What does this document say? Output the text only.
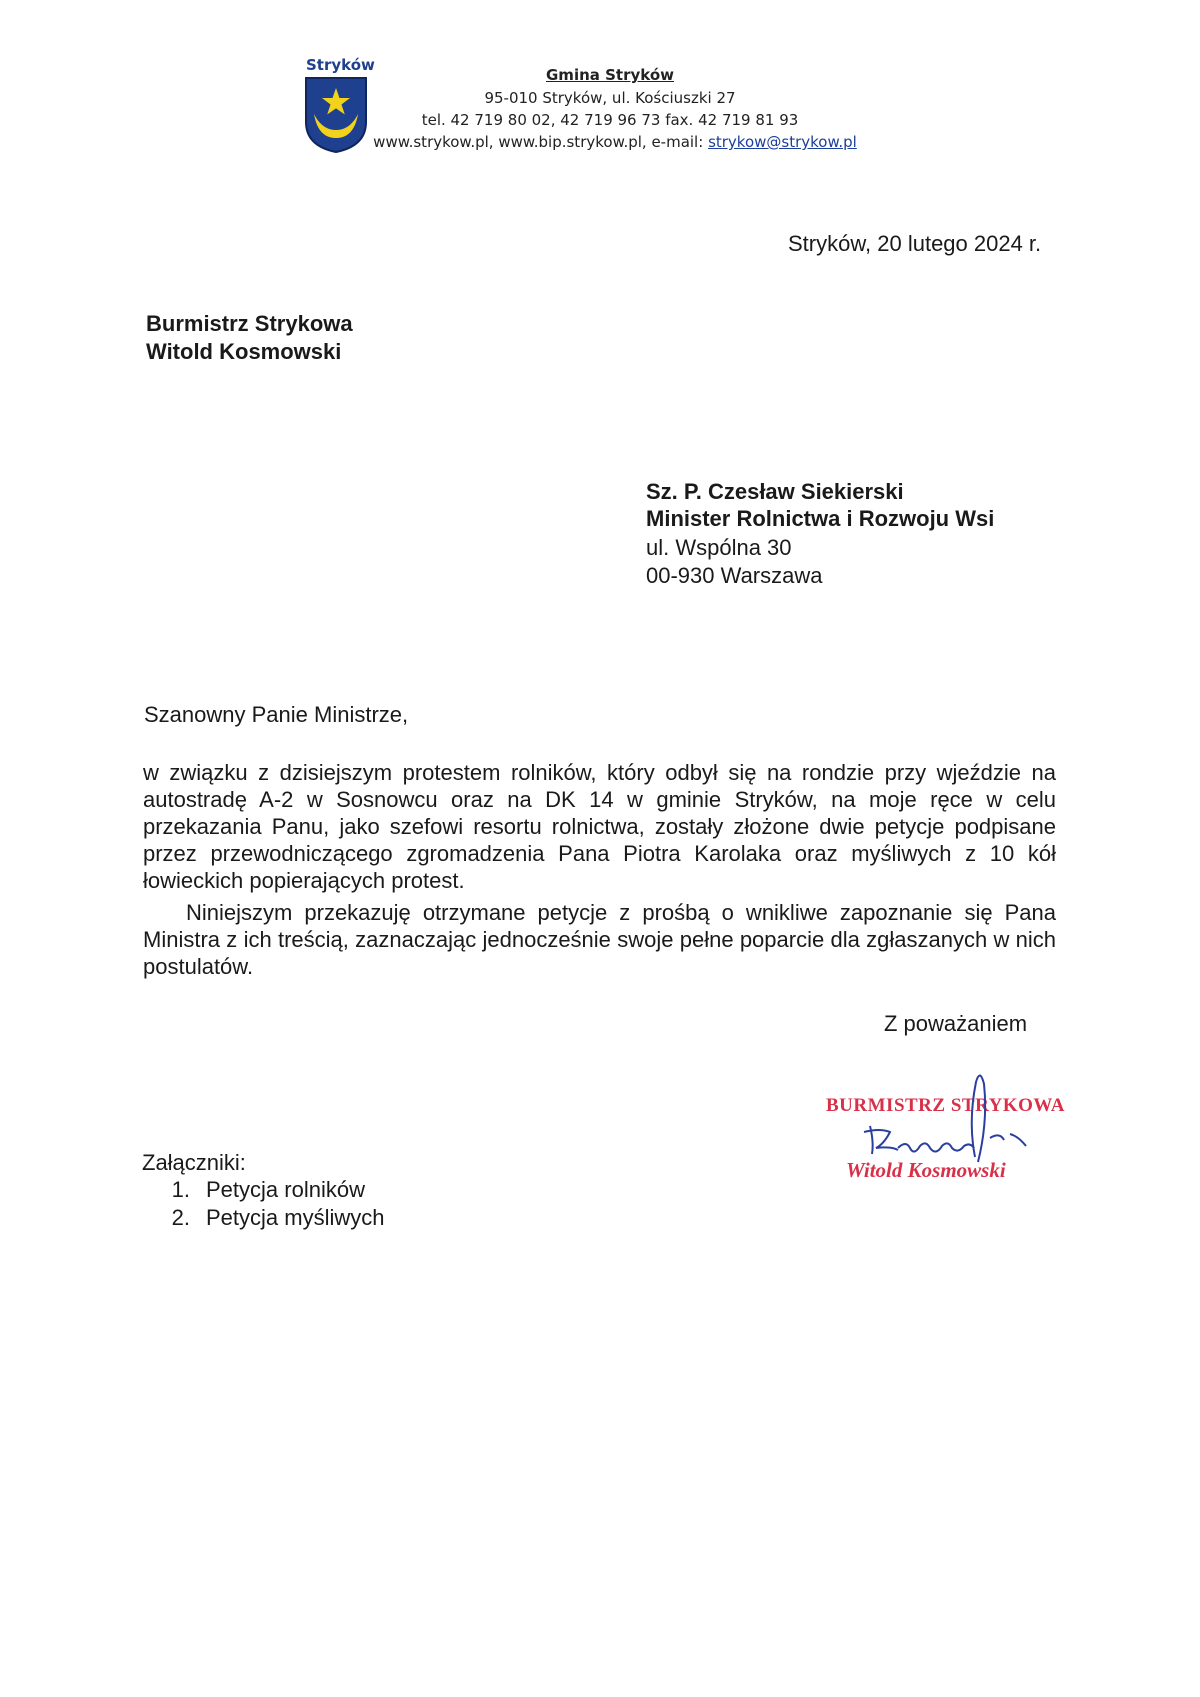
Stryków
Gmina Stryków
95-010 Stryków, ul. Kościuszki 27
tel. 42 719 80 02, 42 719 96 73 fax. 42 719 81 93
www.strykow.pl, www.bip.strykow.pl, e-mail: strykow@strykow.pl
Stryków, 20 lutego 2024 r.
Burmistrz Strykowa
Witold Kosmowski
Sz. P. Czesław Siekierski
Minister Rolnictwa i Rozwoju Wsi
ul. Wspólna 30
00-930 Warszawa
Szanowny Panie Ministrze,
w związku z dzisiejszym protestem rolników, który odbył się na rondzie przy wjeździe na autostradę A-2 w Sosnowcu oraz na DK 14 w gminie Stryków, na moje ręce w celu przekazania Panu, jako szefowi resortu rolnictwa, zostały złożone dwie petycje podpisane przez przewodniczącego zgromadzenia Pana Piotra Karolaka oraz myśliwych z 10 kół łowieckich popierających protest.
Niniejszym przekazuję otrzymane petycje z prośbą o wnikliwe zapoznanie się Pana Ministra z ich treścią, zaznaczając jednocześnie swoje pełne poparcie dla zgłaszanych w nich postulatów.
Z poważaniem
BURMISTRZ STRYKOWA
Witold Kosmowski
Załączniki:
1. Petycja rolników
2. Petycja myśliwych
